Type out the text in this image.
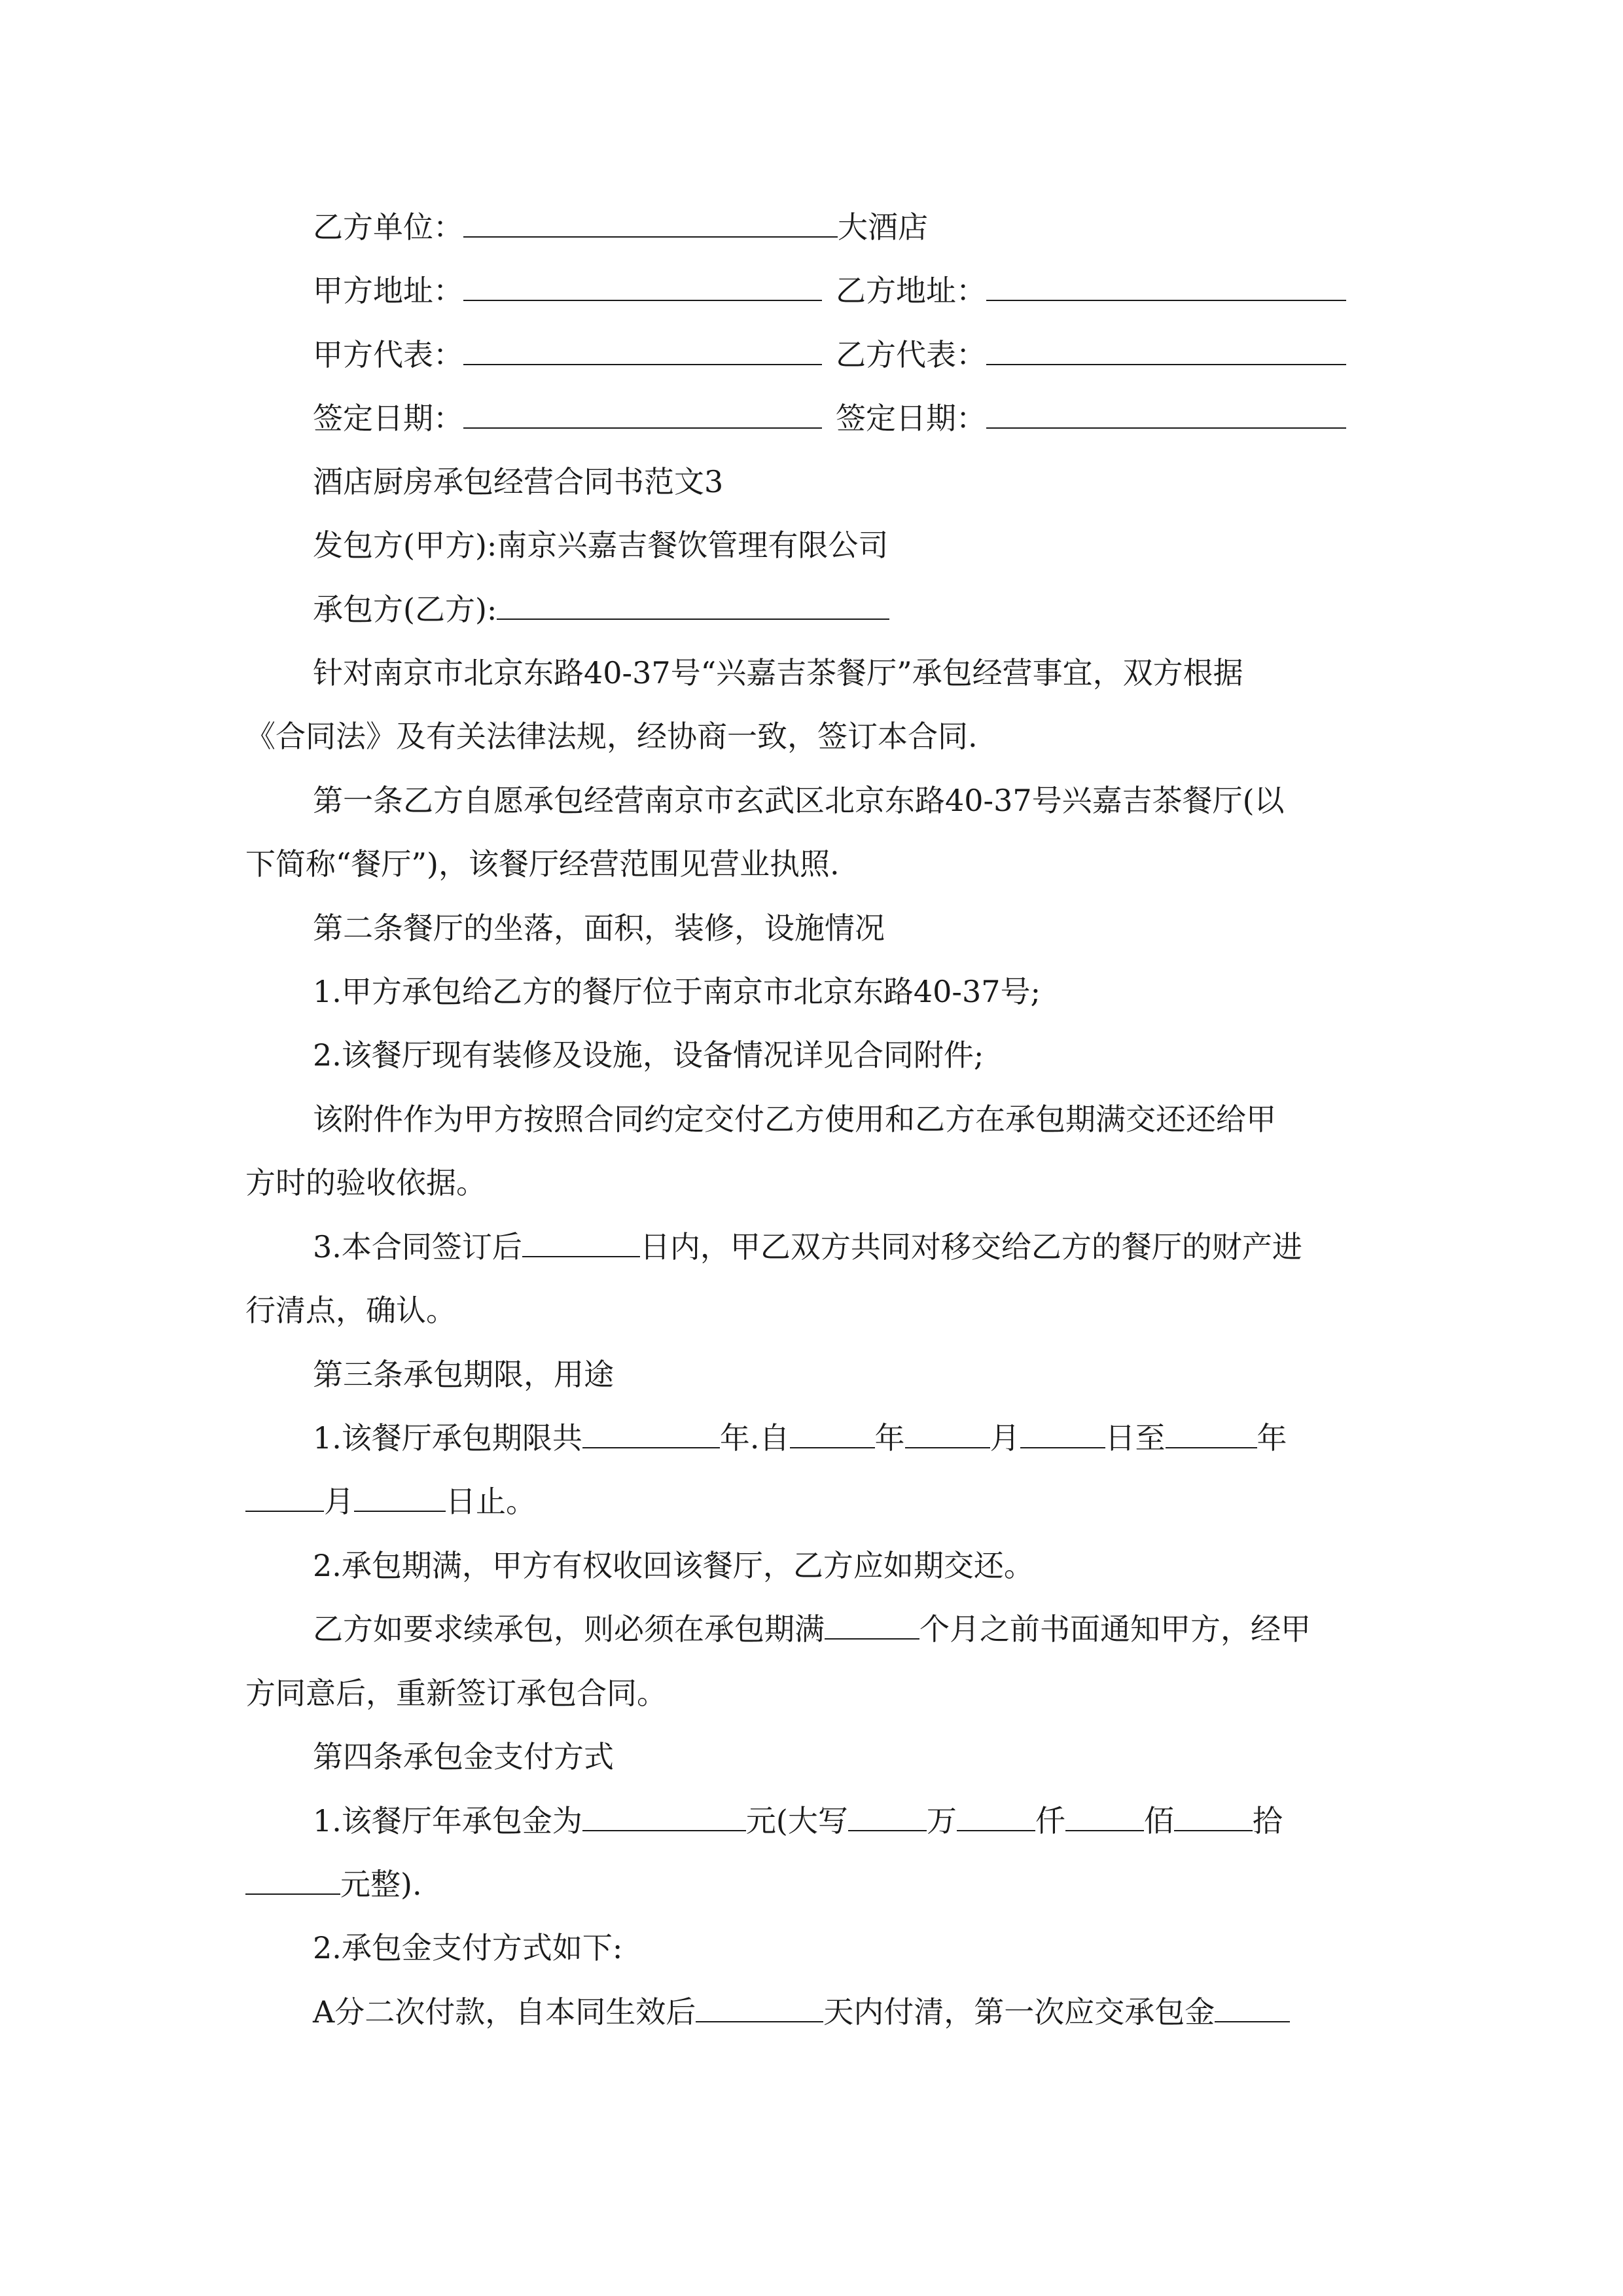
乙方单位：	大酒店
甲方地址：	乙方地址：
甲方代表：	乙方代表：
签定日期：	签定日期：
酒店厨房承包经营合同书范文3
发包方(甲方):南京兴嘉吉餐饮管理有限公司
承包方(乙方):
针对南京市北京东路40-37号“兴嘉吉茶餐厅”承包经营事宜，双方根据
《合同法》及有关法律法规，经协商一致，签订本合同.
第一条乙方自愿承包经营南京市玄武区北京东路40-37号兴嘉吉茶餐厅(以
下简称“餐厅”)，该餐厅经营范围见营业执照.
第二条餐厅的坐落，面积，装修，设施情况
1.甲方承包给乙方的餐厅位于南京市北京东路40-37号;
2.该餐厅现有装修及设施，设备情况详见合同附件;
该附件作为甲方按照合同约定交付乙方使用和乙方在承包期满交还还给甲
方时的验收依据。
3.本合同签订后	日内，甲乙双方共同对移交给乙方的餐厅的财产进
行清点，确认。
第三条承包期限，用途
1.该餐厅承包期限共	年.自	年	月	日至	年
月	日止。
2.承包期满，甲方有权收回该餐厅，乙方应如期交还。
乙方如要求续承包，则必须在承包期满	个月之前书面通知甲方，经甲
方同意后，重新签订承包合同。
第四条承包金支付方式
1.该餐厅年承包金为	元(大写	万	仟	佰	拾
元整).
2.承包金支付方式如下:
A分二次付款，自本同生效后	天内付清，第一次应交承包金
